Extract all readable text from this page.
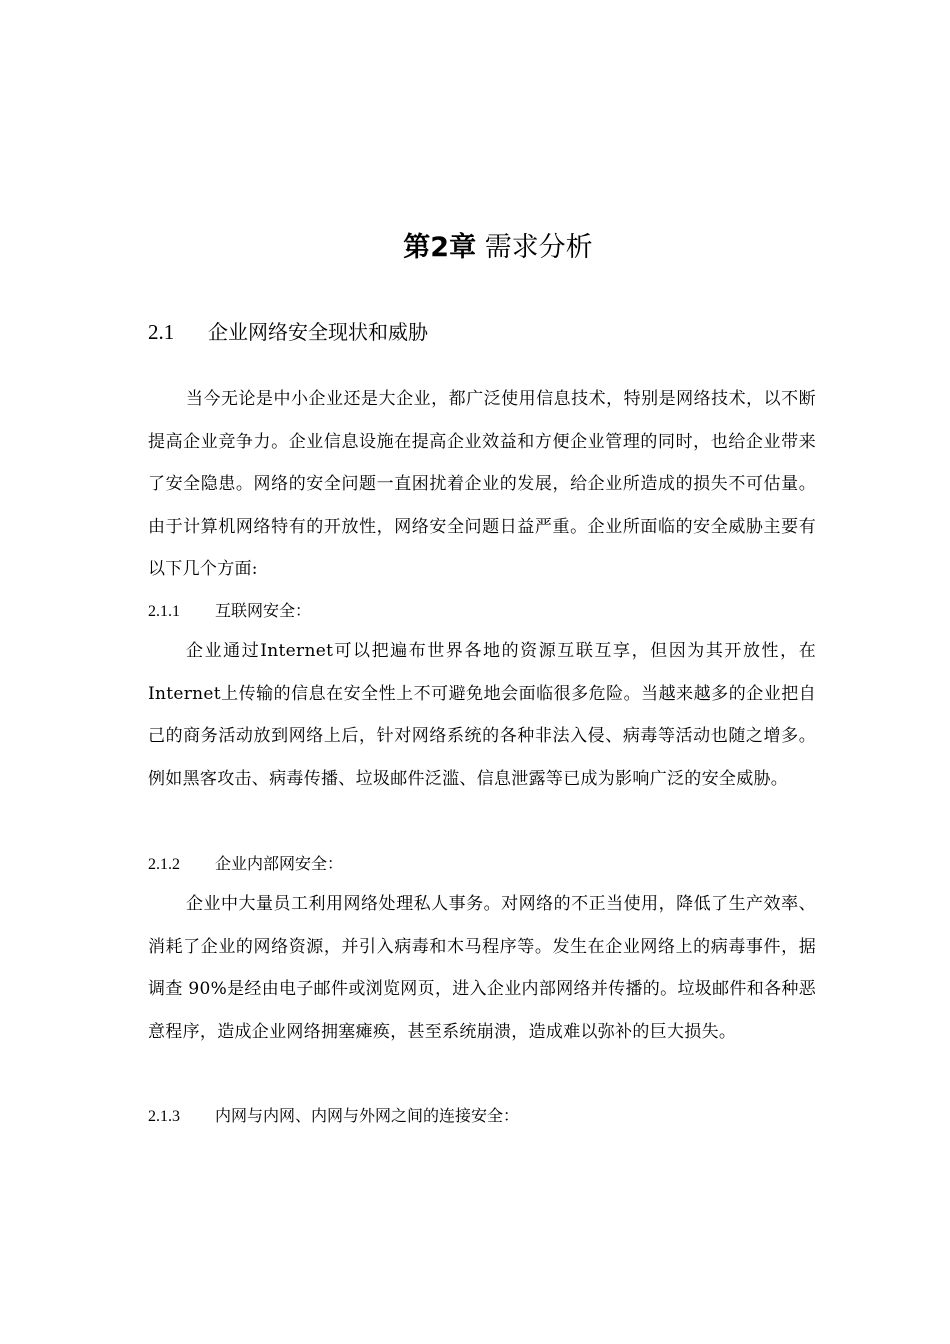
第2章 需求分析
2.1 企业网络安全现状和威胁

当今无论是中小企业还是大企业，都广泛使用信息技术，特别是网络技术，以不断提高企业竞争力。企业信息设施在提高企业效益和方便企业管理的同时，也给企业带来了安全隐患。网络的安全问题一直困扰着企业的发展，给企业所造成的损失不可估量。由于计算机网络特有的开放性，网络安全问题日益严重。企业所面临的安全威胁主要有以下几个方面:

2.1.1 互联网安全：

企业通过Internet可以把遍布世界各地的资源互联互享，但因为其开放性，在Internet上传输的信息在安全性上不可避免地会面临很多危险。当越来越多的企业把自己的商务活动放到网络上后，针对网络系统的各种非法入侵、病毒等活动也随之增多。例如黑客攻击、病毒传播、垃圾邮件泛滥、信息泄露等已成为影响广泛的安全威胁。

2.1.2 企业内部网安全：

企业中大量员工利用网络处理私人事务。对网络的不正当使用，降低了生产效率、消耗了企业的网络资源，并引入病毒和木马程序等。发生在企业网络上的病毒事件，据调查 90%是经由电子邮件或浏览网页，进入企业内部网络并传播的。垃圾邮件和各种恶意程序，造成企业网络拥塞瘫痪，甚至系统崩溃，造成难以弥补的巨大损失。

2.1.3 内网与内网、内网与外网之间的连接安全：
